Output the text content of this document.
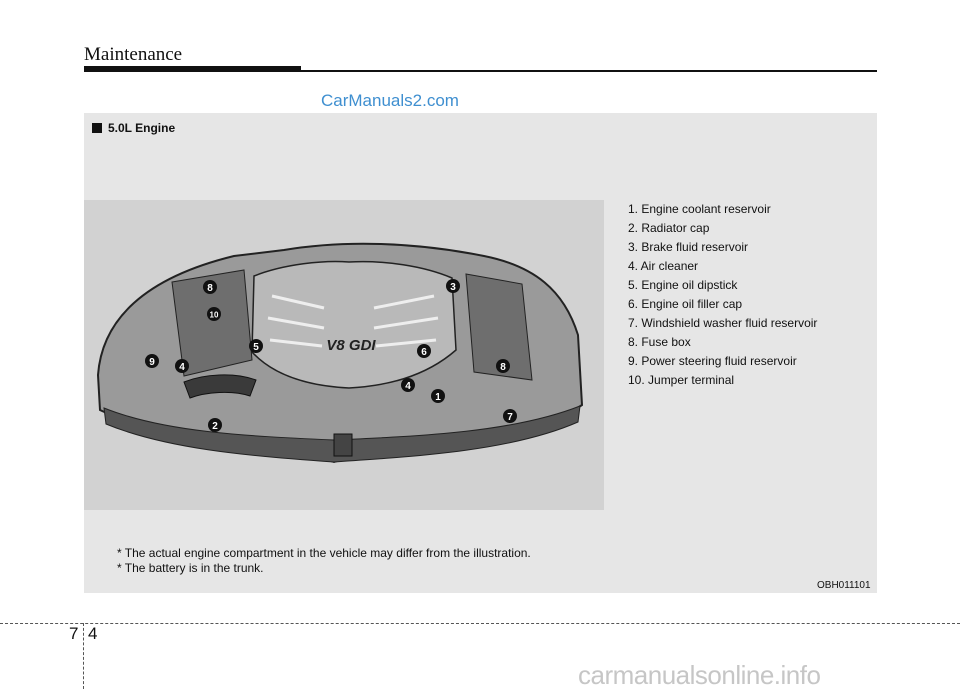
Maintenance
CarManuals2.com
5.0L Engine
V8 GDI
1
2
3
4
4
5	6
7
8
8
9
10
1. Engine coolant reservoir
2. Radiator cap
3. Brake fluid reservoir
4. Air cleaner
5. Engine oil dipstick
6. Engine oil filler cap
7. Windshield washer fluid reservoir
8. Fuse box
9. Power steering fluid reservoir
10. Jumper terminal
* The actual engine compartment in the vehicle may differ from the illustration.
* The battery is in the trunk.
OBH011101
7 4
carmanualsonline.info
